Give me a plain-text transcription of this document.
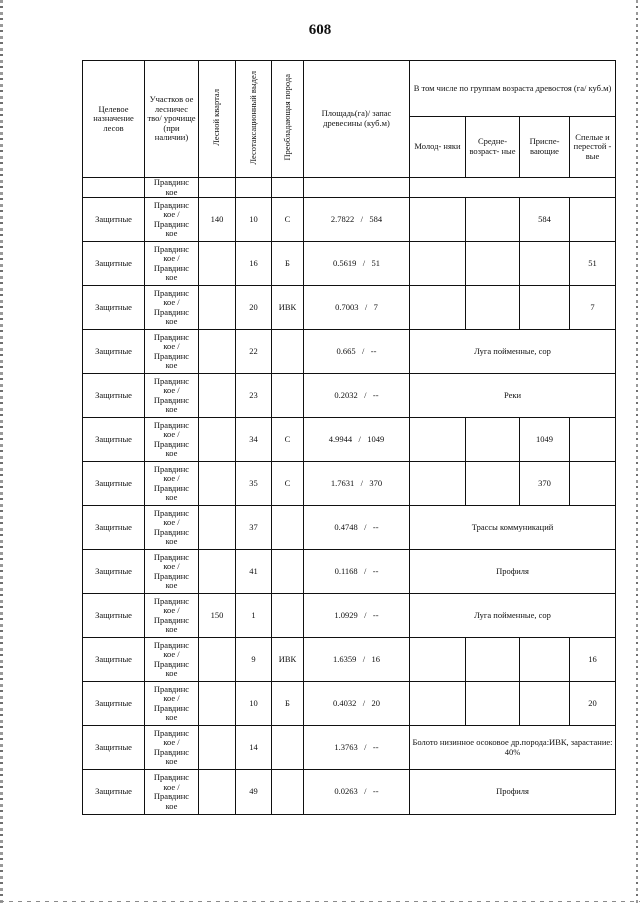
608
Целевое назначение лесов	Участков ое лесничес тво/ урочище (при наличии)	Лесной квартал	Лесотаксационный выдел	Преобладающая порода	Площадь(га)/ запас древесины (куб.м)	В том числе по группам возраста древостоя (га/ куб.м)			
						Молод- няки	Средне- возраст- ные	Приспе- вающие	Спелые и перестой - вые
	Правдинс кое								
Защитные	Правдинс кое / Правдинс кое	140	10	С	2.7822   /   584			584	
Защитные	Правдинс кое / Правдинс кое		16	Б	0.5619   /   51				51
Защитные	Правдинс кое / Правдинс кое		20	ИВК	0.7003   /   7				7
Защитные	Правдинс кое / Правдинс кое		22		0.665   /   --	Луга пойменные, сор			
Защитные	Правдинс кое / Правдинс кое		23		0.2032   /   --	Реки			
Защитные	Правдинс кое / Правдинс кое		34	С	4.9944   /   1049			1049	
Защитные	Правдинс кое / Правдинс кое		35	С	1.7631   /   370			370	
Защитные	Правдинс кое / Правдинс кое		37		0.4748   /   --	Трассы коммуникаций			
Защитные	Правдинс кое / Правдинс кое		41		0.1168   /   --	Профиля			
Защитные	Правдинс кое / Правдинс кое	150	1		1.0929   /   --	Луга пойменные, сор			
Защитные	Правдинс кое / Правдинс кое		9	ИВК	1.6359   /   16				16
Защитные	Правдинс кое / Правдинс кое		10	Б	0.4032   /   20				20
Защитные	Правдинс кое / Правдинс кое		14		1.3763   /   --	Болото низинное осоковое др.порода:ИВК, зарастание: 40%			
Защитные	Правдинс кое / Правдинс кое		49		0.0263   /   --	Профиля			
